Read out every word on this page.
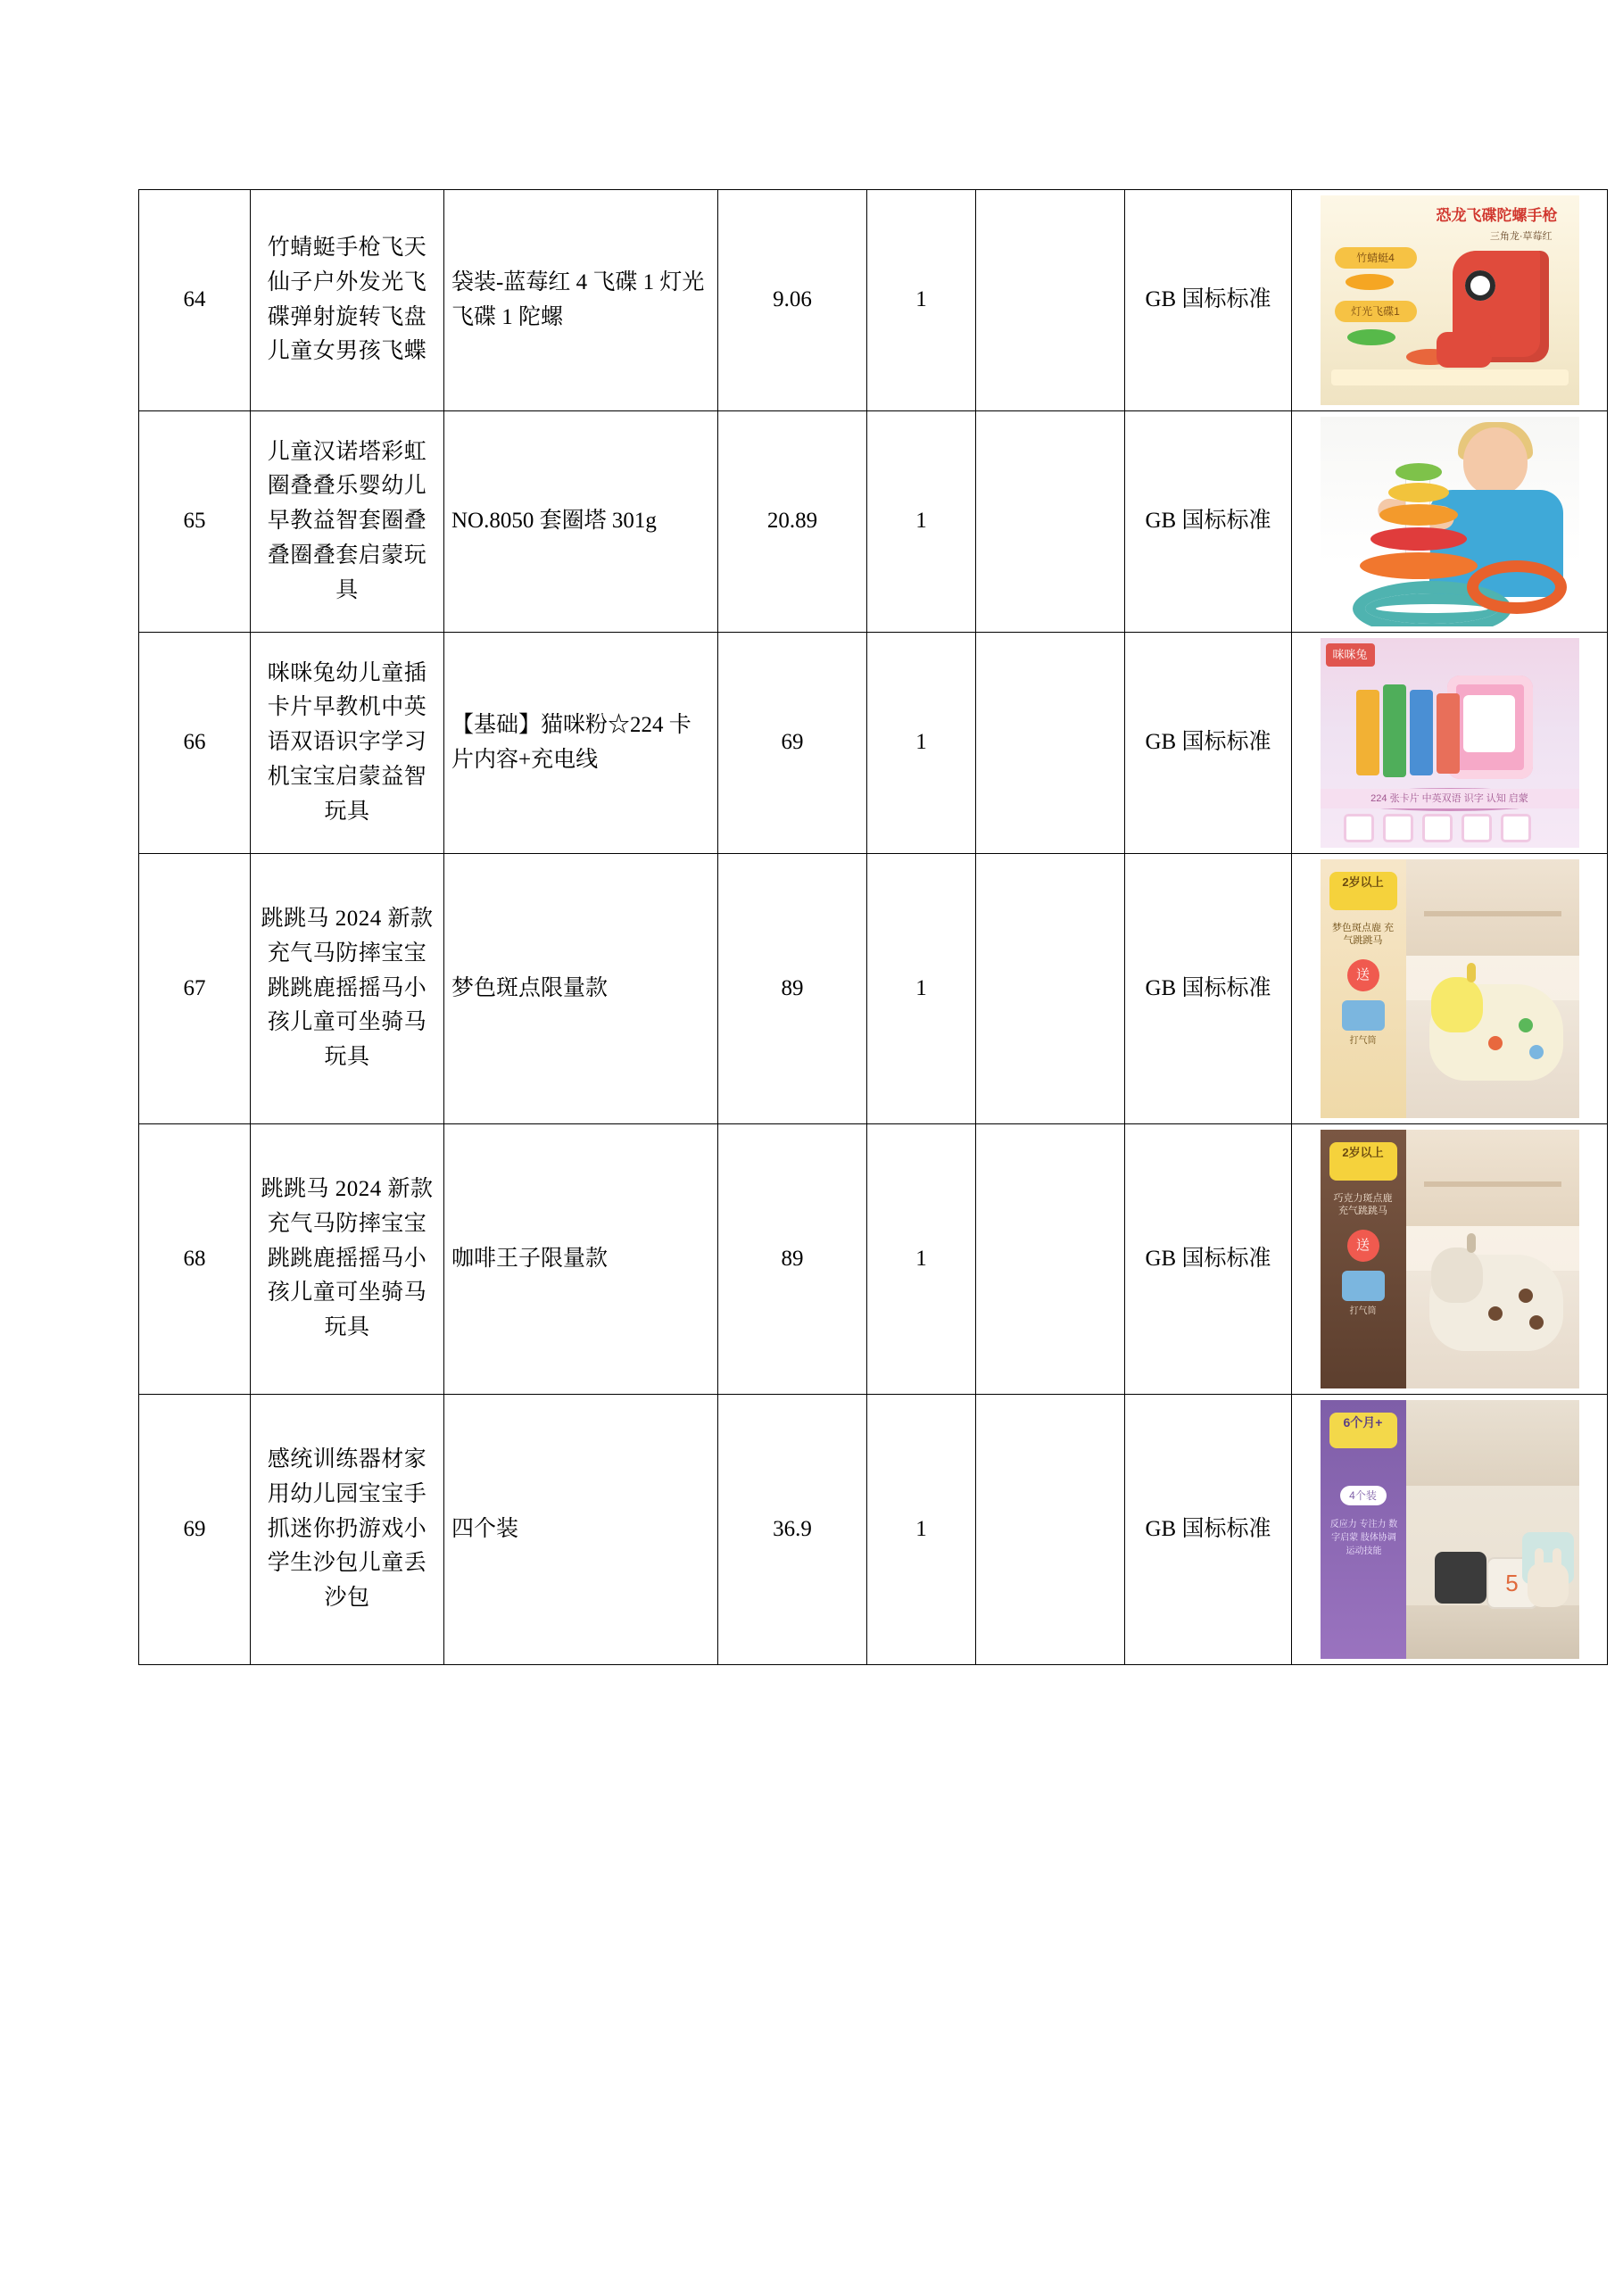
64	竹蜻蜓手枪飞天仙子户外发光飞碟弹射旋转飞盘儿童女男孩飞蝶	袋装-蓝莓红 4 飞碟 1 灯光飞碟 1 陀螺	9.06	1		GB 国标标准	恐龙飞碟陀螺手枪
三角龙·草莓红
竹蜻蜓4
灯光飞碟1

65	儿童汉诺塔彩虹圈叠叠乐婴幼儿早教益智套圈叠叠圈叠套启蒙玩具	NO.8050 套圈塔 301g	20.89	1		GB 国标标准	

66	咪咪兔幼儿童插卡片早教机中英语双语识字学习机宝宝启蒙益智玩具	【基础】猫咪粉☆224 卡片内容+充电线	69	1		GB 国标标准	咪咪兔
224 张卡片 中英双语 识字 认知 启蒙

67	跳跳马 2024 新款充气马防摔宝宝跳跳鹿摇摇马小孩儿童可坐骑马玩具	梦色斑点限量款	89	1		GB 国标标准	2岁以上
梦色斑点鹿 充气跳跳马
送
打气筒

68	跳跳马 2024 新款充气马防摔宝宝跳跳鹿摇摇马小孩儿童可坐骑马玩具	咖啡王子限量款	89	1		GB 国标标准	2岁以上
巧克力斑点鹿 充气跳跳马
送
打气筒

69	感统训练器材家用幼儿园宝宝手抓迷你扔游戏小学生沙包儿童丢沙包	四个装	36.9	1		GB 国标标准	6个月+
4个装
反应力 专注力 数字启蒙 肢体协调 运动技能
5
